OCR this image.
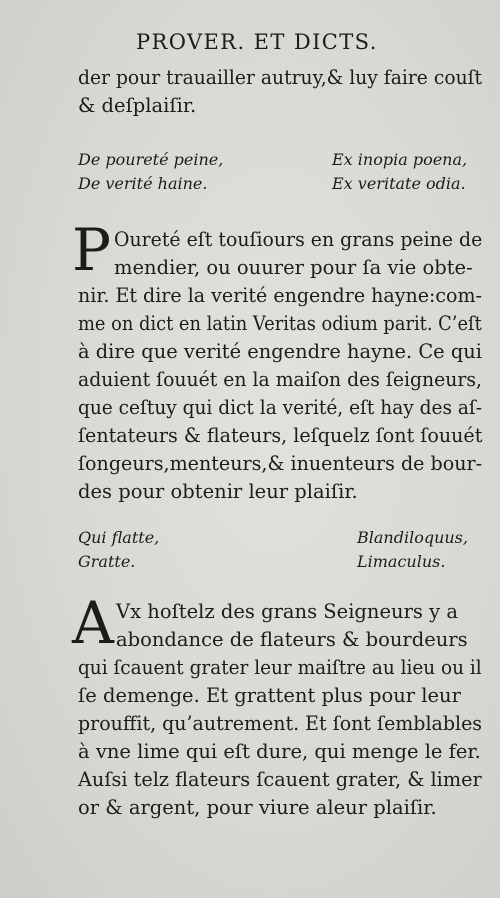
PROVER. ET DICTS.
der pour trauailler autruy,& luy faire couſt
& deſplaiſir.
De poureté peine,
De verité haine.
Ex inopia poena,
Ex veritate odia.
P Oureté eſt touſiours en grans peine de
mendier, ou ouurer pour ſa vie obte-
nir. Et dire la verité engendre hayne:com-
me on dict en latin Veritas odium parit. C’eſt
à dire que verité engendre hayne. Ce qui
aduient ſouuét en la maiſon des ſeigneurs,
que ceſtuy qui dict la verité, eſt hay des aſ-
ſentateurs & flateurs, leſquelz ſont ſouuét
ſongeurs,menteurs,& inuenteurs de bour-
des pour obtenir leur plaiſir.
Qui flatte,
Gratte.
Blandiloquus,
Limaculus.
A Vx hoſtelz des grans Seigneurs y a
abondance de flateurs & bourdeurs
qui ſcauent grater leur maiſtre au lieu ou il
ſe demenge. Et grattent plus pour leur
prouffit, qu’autrement. Et ſont ſemblables
à vne lime qui eſt dure, qui menge le fer.
Auſsi telz flateurs ſcauent grater, & limer
or & argent, pour viure aleur plaiſir.
